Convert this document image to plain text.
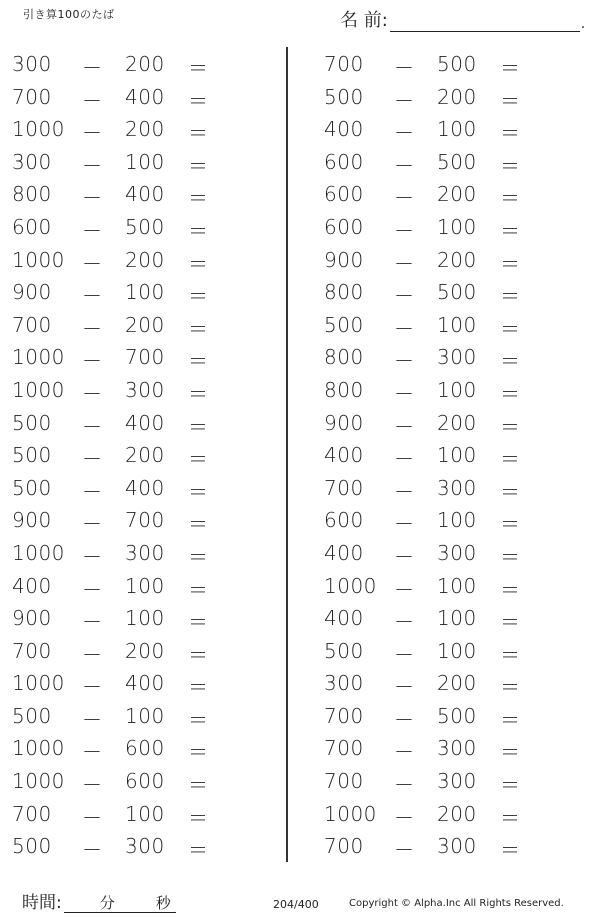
引き算100のたば	名 前:	.
300	－ 200	＝
700	－ 400	＝
1000 － 200	＝
300	－ 100	＝
800	－ 400	＝
600	－ 500	＝
1000 － 200	＝
900	－ 100	＝
700	－ 200	＝
1000 － 700	＝
1000 － 300	＝
500	－ 400	＝
500	－ 200	＝
500	－ 400	＝
900	－ 700	＝
1000 － 300	＝
400	－ 100	＝
900	－ 100	＝
700	－ 200	＝
1000 － 400	＝
500	－ 100	＝
1000 － 600	＝
1000 － 600	＝
700	－ 100	＝
500	－ 300	＝
700	－ 500	＝
500	－ 200	＝
400	－ 100	＝
600	－ 500	＝
600	－ 200	＝
600	－ 100	＝
900	－ 200	＝
800	－ 500	＝
500	－ 100	＝
800	－ 300	＝
800	－ 100	＝
900	－ 200	＝
400	－ 100	＝
700	－ 300	＝
600	－ 100	＝
400	－ 300	＝
1000 － 100	＝
400	－ 100	＝
500	－ 100	＝
300	－ 200	＝
700	－ 500	＝
700	－ 300	＝
700	－ 300	＝
1000 － 200	＝
700	－ 300	＝
時間:	分	秒	204/400	Copyright © Alpha.Inc All Rights Reserved.
